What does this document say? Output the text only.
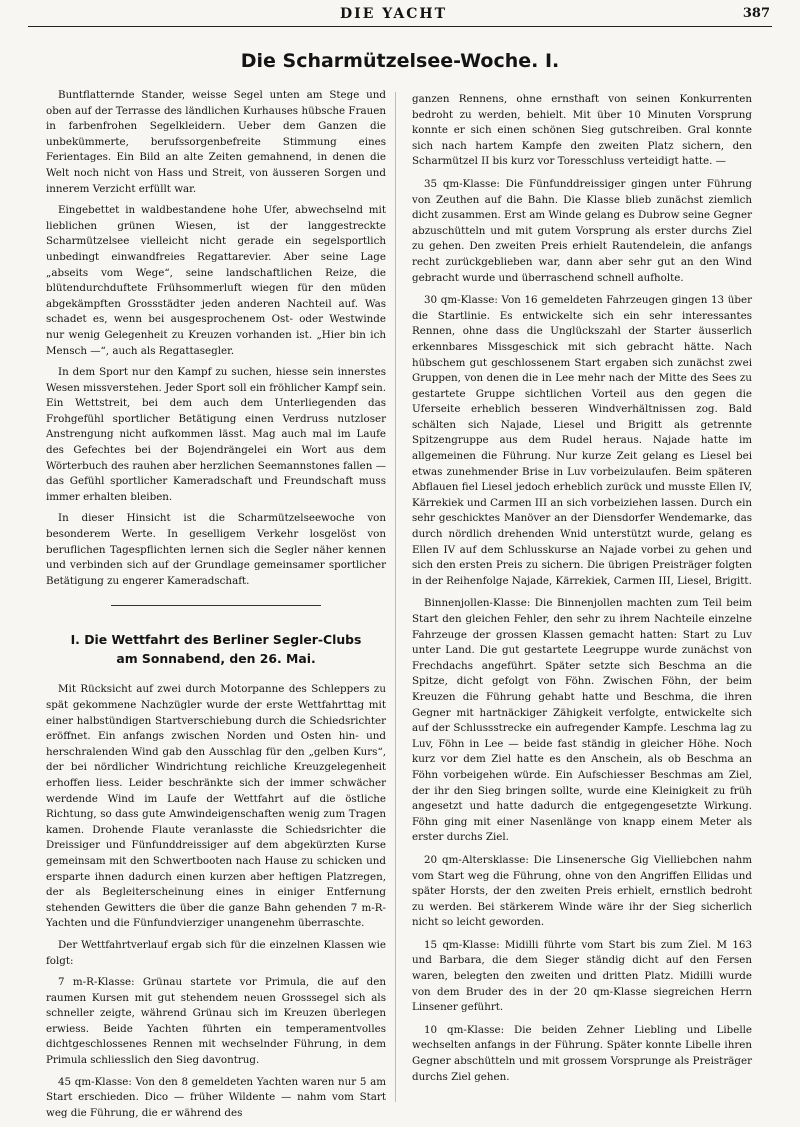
DIE YACHT	387
Die Scharmützelsee-Woche. I.

Buntflatternde Stander, weisse Segel unten am Stege und oben auf der Terrasse des ländlichen Kurhauses hübsche Frauen in farbenfrohen Segelkleidern. Ueber dem Ganzen die unbekümmerte, berufssorgenbefreite Stimmung eines Ferientages. Ein Bild an alte Zeiten gemahnend, in denen die Welt noch nicht von Hass und Streit, von äusseren Sorgen und innerem Verzicht erfüllt war.

Eingebettet in waldbestandene hohe Ufer, abwechselnd mit lieblichen grünen Wiesen, ist der langgestreckte Scharmützelsee vielleicht nicht gerade ein segelsportlich unbedingt einwandfreies Regattarevier. Aber seine Lage „abseits vom Wege“, seine landschaftlichen Reize, die blütendurchduftete Frühsommerluft wiegen für den müden abgekämpften Grossstädter jeden anderen Nachteil auf. Was schadet es, wenn bei ausgesprochenem Ost- oder Westwinde nur wenig Gelegenheit zu Kreuzen vorhanden ist. „Hier bin ich Mensch —“, auch als Regattasegler.

In dem Sport nur den Kampf zu suchen, hiesse sein innerstes Wesen missverstehen. Jeder Sport soll ein fröhlicher Kampf sein. Ein Wettstreit, bei dem auch dem Unterliegenden das Frohgefühl sportlicher Betätigung einen Verdruss nutzloser Anstrengung nicht aufkommen lässt. Mag auch mal im Laufe des Gefechtes bei der Bojendrängelei ein Wort aus dem Wörterbuch des rauhen aber herzlichen Seemannstones fallen — das Gefühl sportlicher Kameradschaft und Freundschaft muss immer erhalten bleiben.

In dieser Hinsicht ist die Scharmützelseewoche von besonderem Werte. In geselligem Verkehr losgelöst von beruflichen Tagespflichten lernen sich die Segler näher kennen und verbinden sich auf der Grundlage gemeinsamer sportlicher Betätigung zu engerer Kameradschaft.

I. Die Wettfahrt des Berliner Segler-Clubs
am Sonnabend, den 26. Mai.

Mit Rücksicht auf zwei durch Motorpanne des Schleppers zu spät gekommene Nachzügler wurde der erste Wettfahrttag mit einer halbstündigen Startverschiebung durch die Schiedsrichter eröffnet. Ein anfangs zwischen Norden und Osten hin- und herschralenden Wind gab den Ausschlag für den „gelben Kurs“, der bei nördlicher Windrichtung reichliche Kreuzgelegenheit erhoffen liess. Leider beschränkte sich der immer schwächer werdende Wind im Laufe der Wettfahrt auf die östliche Richtung, so dass gute Amwindeigenschaften wenig zum Tragen kamen. Drohende Flaute veranlasste die Schiedsrichter die Dreissiger und Fünfunddreissiger auf dem abgekürzten Kurse gemeinsam mit den Schwertbooten nach Hause zu schicken und ersparte ihnen dadurch einen kurzen aber heftigen Platzregen, der als Begleiterscheinung eines in einiger Entfernung stehenden Gewitters die über die ganze Bahn gehenden 7 m-R-Yachten und die Fünfundvierziger unangenehm überraschte.

Der Wettfahrtverlauf ergab sich für die einzelnen Klassen wie folgt:

7 m-R-Klasse: Grünau startete vor Primula, die auf den raumen Kursen mit gut stehendem neuen Grosssegel sich als schneller zeigte, während Grünau sich im Kreuzen überlegen erwiess. Beide Yachten führten ein temperamentvolles dichtgeschlossenes Rennen mit wechselnder Führung, in dem Primula schliesslich den Sieg davontrug.

45 qm-Klasse: Von den 8 gemeldeten Yachten waren nur 5 am Start erschieden. Dico — früher Wildente — nahm vom Start weg die Führung, die er während des

ganzen Rennens, ohne ernsthaft von seinen Konkurrenten bedroht zu werden, behielt. Mit über 10 Minuten Vorsprung konnte er sich einen schönen Sieg gutschreiben. Gral konnte sich nach hartem Kampfe den zweiten Platz sichern, den Scharmützel II bis kurz vor Toresschluss verteidigt hatte. —

35 qm-Klasse: Die Fünfunddreissiger gingen unter Führung von Zeuthen auf die Bahn. Die Klasse blieb zunächst ziemlich dicht zusammen. Erst am Winde gelang es Dubrow seine Gegner abzuschütteln und mit gutem Vorsprung als erster durchs Ziel zu gehen. Den zweiten Preis erhielt Rautendelein, die anfangs recht zurückgeblieben war, dann aber sehr gut an den Wind gebracht wurde und überraschend schnell aufholte.

30 qm-Klasse: Von 16 gemeldeten Fahrzeugen gingen 13 über die Startlinie. Es entwickelte sich ein sehr interessantes Rennen, ohne dass die Unglückszahl der Starter äusserlich erkennbares Missgeschick mit sich gebracht hätte. Nach hübschem gut geschlossenem Start ergaben sich zunächst zwei Gruppen, von denen die in Lee mehr nach der Mitte des Sees zu gestartete Gruppe sichtlichen Vorteil aus den gegen die Uferseite erheblich besseren Windverhältnissen zog. Bald schälten sich Najade, Liesel und Brigitt als getrennte Spitzengruppe aus dem Rudel heraus. Najade hatte im allgemeinen die Führung. Nur kurze Zeit gelang es Liesel bei etwas zunehmender Brise in Luv vorbeizulaufen. Beim späteren Abflauen fiel Liesel jedoch erheblich zurück und musste Ellen IV, Kärrekiek und Carmen III an sich vorbeiziehen lassen. Durch ein sehr geschicktes Manöver an der Diensdorfer Wendemarke, das durch nördlich drehenden Wnid unterstützt wurde, gelang es Ellen IV auf dem Schlusskurse an Najade vorbei zu gehen und sich den ersten Preis zu sichern. Die übrigen Preisträger folgten in der Reihenfolge Najade, Kärrekiek, Carmen III, Liesel, Brigitt.

Binnenjollen-Klasse: Die Binnenjollen machten zum Teil beim Start den gleichen Fehler, den sehr zu ihrem Nachteile einzelne Fahrzeuge der grossen Klassen gemacht hatten: Start zu Luv unter Land. Die gut gestartete Leegruppe wurde zunächst von Frechdachs angeführt. Später setzte sich Beschma an die Spitze, dicht gefolgt von Föhn. Zwischen Föhn, der beim Kreuzen die Führung gehabt hatte und Beschma, die ihren Gegner mit hartnäckiger Zähigkeit verfolgte, entwickelte sich auf der Schlussstrecke ein aufregender Kampfe. Leschma lag zu Luv, Föhn in Lee — beide fast ständig in gleicher Höhe. Noch kurz vor dem Ziel hatte es den Anschein, als ob Beschma an Föhn vorbeigehen würde. Ein Aufschiesser Beschmas am Ziel, der ihr den Sieg bringen sollte, wurde eine Kleinigkeit zu früh angesetzt und hatte dadurch die entgegengesetzte Wirkung. Föhn ging mit einer Nasenlänge von knapp einem Meter als erster durchs Ziel.

20 qm-Altersklasse: Die Linsenersche Gig Vielliebchen nahm vom Start weg die Führung, ohne von den Angriffen Ellidas und später Horsts, der den zweiten Preis erhielt, ernstlich bedroht zu werden. Bei stärkerem Winde wäre ihr der Sieg sicherlich nicht so leicht geworden.

15 qm-Klasse: Midilli führte vom Start bis zum Ziel. M 163 und Barbara, die dem Sieger ständig dicht auf den Fersen waren, belegten den zweiten und dritten Platz. Midilli wurde von dem Bruder des in der 20 qm-Klasse siegreichen Herrn Linsener geführt.

10 qm-Klasse: Die beiden Zehner Liebling und Libelle wechselten anfangs in der Führung. Später konnte Libelle ihren Gegner abschütteln und mit grossem Vorsprunge als Preisträger durchs Ziel gehen.
